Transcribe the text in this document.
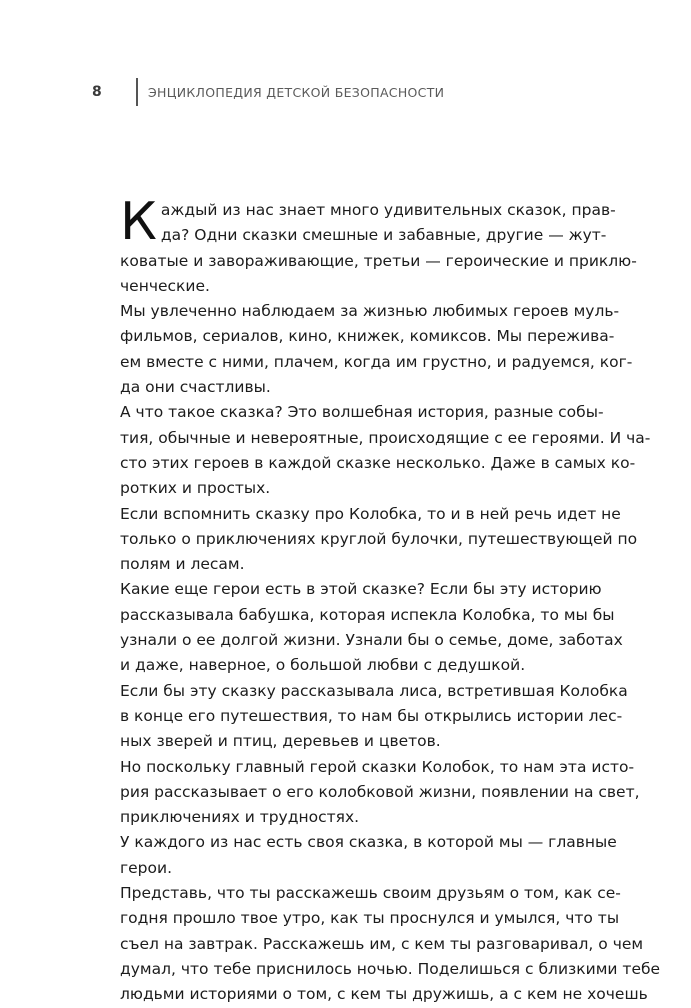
8	ЭНЦИКЛОПЕДИЯ ДЕТСКОЙ БЕЗОПАСНОСТИ
К аждый из нас знает много удивительных сказок, прав-
да? Одни сказки смешные и забавные, другие — жут-
коватые и завораживающие, третьи — героические и приклю-
ченческие.
Мы увлеченно наблюдаем за жизнью любимых героев муль-
фильмов, сериалов, кино, книжек, комиксов. Мы пережива-
ем вместе с ними, плачем, когда им грустно, и радуемся, ког-
да они счастливы.
А что такое сказка? Это волшебная история, разные собы-
тия, обычные и невероятные, происходящие с ее героями. И ча-
сто этих героев в каждой сказке несколько. Даже в самых ко-
ротких и простых.
Если вспомнить сказку про Колобка, то и в ней речь идет не
только о приключениях круглой булочки, путешествующей по
полям и лесам.
Какие еще герои есть в этой сказке? Если бы эту историю
рассказывала бабушка, которая испекла Колобка, то мы бы
узнали о ее долгой жизни. Узнали бы о семье, доме, заботах
и даже, наверное, о большой любви с дедушкой.
Если бы эту сказку рассказывала лиса, встретившая Колобка
в конце его путешествия, то нам бы открылись истории лес-
ных зверей и птиц, деревьев и цветов.
Но поскольку главный герой сказки Колобок, то нам эта исто-
рия рассказывает о его колобковой жизни, появлении на свет,
приключениях и трудностях.
У каждого из нас есть своя сказка, в которой мы — главные
герои.
Представь, что ты расскажешь своим друзьям о том, как се-
годня прошло твое утро, как ты проснулся и умылся, что ты
съел на завтрак. Расскажешь им, с кем ты разговаривал, о чем
думал, что тебе приснилось ночью. Поделишься с близкими тебе
людьми историями о том, с кем ты дружишь, а с кем не хочешь
